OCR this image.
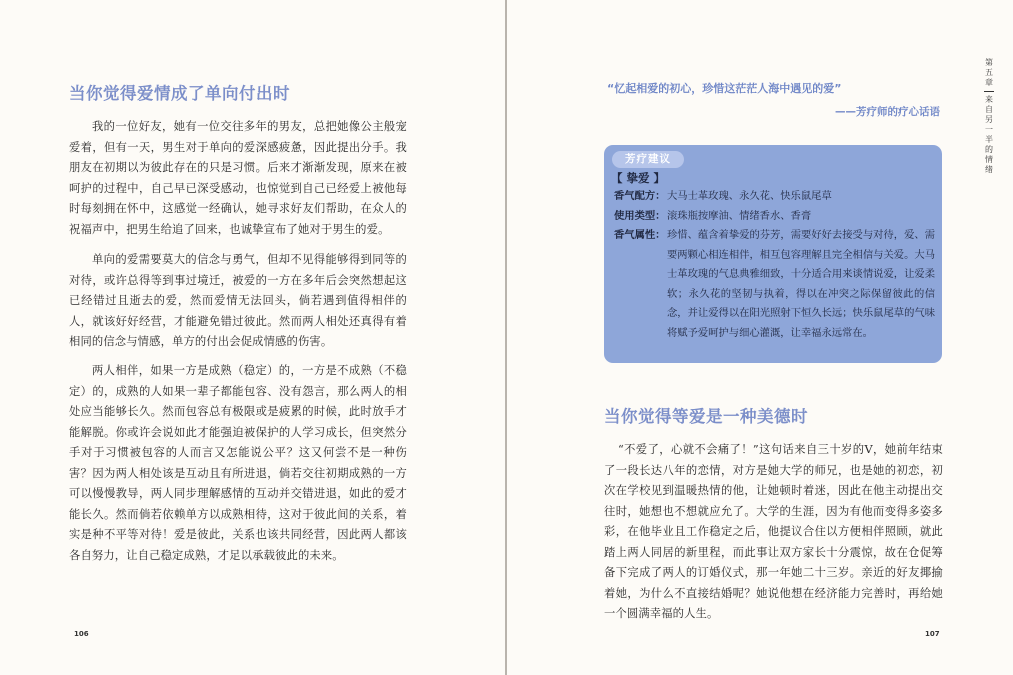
当你觉得爱情成了单向付出时

我的一位好友，她有一位交往多年的男友，总把她像公主般宠爱着，但有一天，男生对于单向的爱深感疲惫，因此提出分手。我朋友在初期以为彼此存在的只是习惯。后来才渐渐发现，原来在被呵护的过程中，自己早已深受感动，也惊觉到自己已经爱上被他每时每刻拥在怀中，这感觉一经确认，她寻求好友们帮助，在众人的祝福声中，把男生给追了回来，也诚挚宣布了她对于男生的爱。

单向的爱需要莫大的信念与勇气，但却不见得能够得到同等的对待，或许总得等到事过境迁，被爱的一方在多年后会突然想起这已经错过且逝去的爱，然而爱情无法回头，倘若遇到值得相伴的人，就该好好经营，才能避免错过彼此。然而两人相处还真得有着相同的信念与情感，单方的付出会促成情感的伤害。

两人相伴，如果一方是成熟（稳定）的，一方是不成熟（不稳定）的，成熟的人如果一辈子都能包容、没有怨言，那么两人的相处应当能够长久。然而包容总有极限或是疲累的时候，此时放手才能解脱。你或许会说如此才能强迫被保护的人学习成长，但突然分手对于习惯被包容的人而言又怎能说公平？这又何尝不是一种伤害？因为两人相处该是互动且有所进退，倘若交往初期成熟的一方可以慢慢教导，两人同步理解感情的互动并交错进退，如此的爱才能长久。然而倘若依赖单方以成熟相待，这对于彼此间的关系，着实是种不平等对待！爱是彼此，关系也该共同经营，因此两人都该各自努力，让自己稳定成熟，才足以承载彼此的未来。

106
第
五
章
来
自
另
一
半
的
情
绪
“忆起相爱的初心，珍惜这茫茫人海中遇见的爱”
——芳疗师的疗心话语
芳疗建议
【 挚爱 】
香气配方： 大马士革玫瑰、永久花、快乐鼠尾草
使用类型： 滚珠瓶按摩油、情绪香水、香膏
香气属性： 珍惜、蕴含着挚爱的芬芳，需要好好去接受与对待，爱、需要两颗心相连相伴，相互包容理解且完全相信与关爱。大马士革玫瑰的气息典雅细致，十分适合用来谈情说爱，让爱柔软；永久花的坚韧与执着，得以在冲突之际保留彼此的信念，并让爱得以在阳光照射下恒久长远；快乐鼠尾草的气味将赋予爱呵护与细心灌溉，让幸福永远常在。
当你觉得等爱是一种美德时

“不爱了，心就不会痛了！”这句话来自三十岁的V，她前年结束了一段长达八年的恋情，对方是她大学的师兄，也是她的初恋，初次在学校见到温暖热情的他，让她顿时着迷，因此在他主动提出交往时，她想也不想就应允了。大学的生涯，因为有他而变得多姿多彩，在他毕业且工作稳定之后，他提议合住以方便相伴照顾，就此踏上两人同居的新里程，而此事让双方家长十分震惊，故在仓促筹备下完成了两人的订婚仪式，那一年她二十三岁。亲近的好友揶揄着她，为什么不直接结婚呢？她说他想在经济能力完善时，再给她一个圆满幸福的人生。

107
